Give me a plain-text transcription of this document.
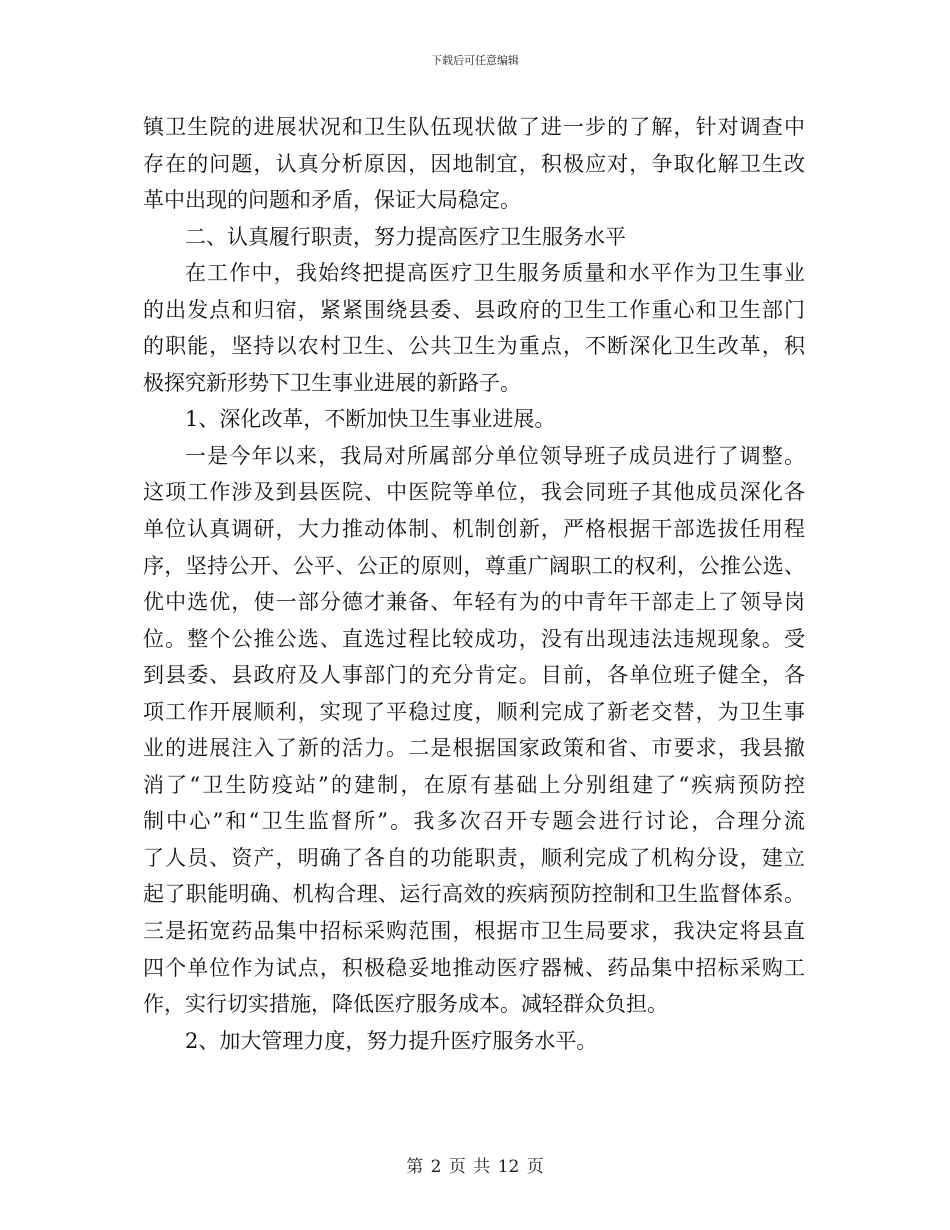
下载后可任意编辑
镇卫生院的进展状况和卫生队伍现状做了进一步的了解，针对调查中
存在的问题，认真分析原因，因地制宜，积极应对，争取化解卫生改
革中出现的问题和矛盾，保证大局稳定。
二、认真履行职责，努力提高医疗卫生服务水平
在工作中，我始终把提高医疗卫生服务质量和水平作为卫生事业
的出发点和归宿，紧紧围绕县委、县政府的卫生工作重心和卫生部门
的职能，坚持以农村卫生、公共卫生为重点，不断深化卫生改革，积
极探究新形势下卫生事业进展的新路子。
1、深化改革，不断加快卫生事业进展。
一是今年以来，我局对所属部分单位领导班子成员进行了调整。
这项工作涉及到县医院、中医院等单位，我会同班子其他成员深化各
单位认真调研，大力推动体制、机制创新，严格根据干部选拔任用程
序，坚持公开、公平、公正的原则，尊重广阔职工的权利，公推公选、
优中选优，使一部分德才兼备、年轻有为的中青年干部走上了领导岗
位。整个公推公选、直选过程比较成功，没有出现违法违规现象。受
到县委、县政府及人事部门的充分肯定。目前，各单位班子健全，各
项工作开展顺利，实现了平稳过度，顺利完成了新老交替，为卫生事
业的进展注入了新的活力。二是根据国家政策和省、市要求，我县撤
消了“卫生防疫站”的建制，在原有基础上分别组建了“疾病预防控
制中心”和“卫生监督所”。我多次召开专题会进行讨论，合理分流
了人员、资产，明确了各自的功能职责，顺利完成了机构分设，建立
起了职能明确、机构合理、运行高效的疾病预防控制和卫生监督体系。
三是拓宽药品集中招标采购范围，根据市卫生局要求，我决定将县直
四个单位作为试点，积极稳妥地推动医疗器械、药品集中招标采购工
作，实行切实措施，降低医疗服务成本。减轻群众负担。
2、加大管理力度，努力提升医疗服务水平。
第 2 页 共 12 页
